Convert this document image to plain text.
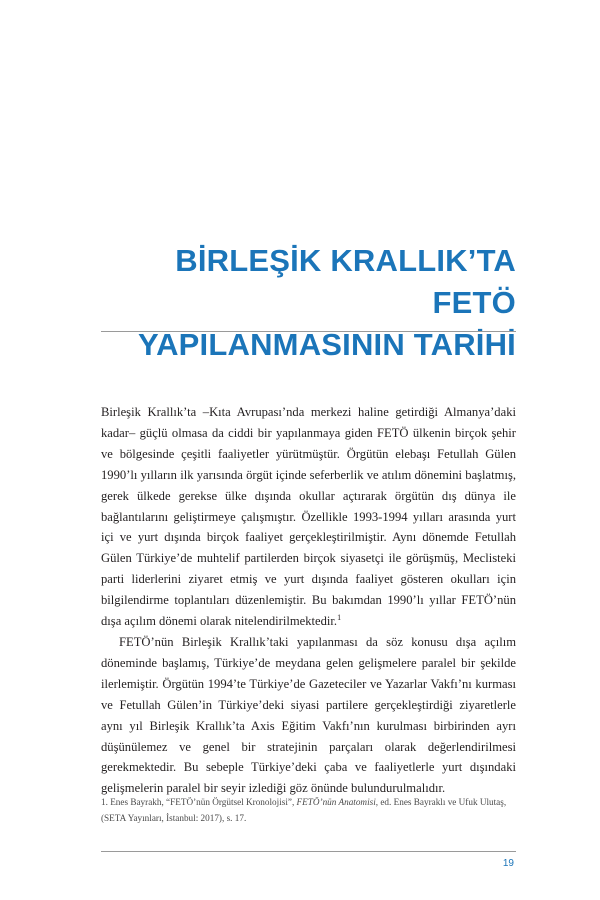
BİRLEŞİK KRALLIK’TA FETÖ
YAPILANMASININ TARİHİ

Birleşik Krallık’ta –Kıta Avrupası’nda merkezi haline getirdiği Almanya’daki kadar– güçlü olmasa da ciddi bir yapılanmaya giden FETÖ ülkenin birçok şehir ve bölgesinde çeşitli faaliyetler yürütmüştür. Örgütün elebaşı Fetullah Gülen 1990’lı yılların ilk yarısında örgüt içinde seferberlik ve atılım dönemini başlatmış, gerek ülkede gerekse ülke dışında okullar açtırarak örgütün dış dünya ile bağlantılarını geliştirmeye çalışmıştır. Özellikle 1993-1994 yılları arasında yurt içi ve yurt dışında birçok faaliyet gerçekleştirilmiştir. Aynı dönemde Fetullah Gülen Türkiye’de muhtelif partilerden birçok siyasetçi ile görüşmüş, Meclisteki parti liderlerini ziyaret etmiş ve yurt dışında faaliyet gösteren okulları için bilgilendirme toplantıları düzenlemiştir. Bu bakımdan 1990’lı yıllar FETÖ’nün dışa açılım dönemi olarak nitelendirilmektedir.$^1$

FETÖ’nün Birleşik Krallık’taki yapılanması da söz konusu dışa açılım döneminde başlamış, Türkiye’de meydana gelen gelişmelere paralel bir şekilde ilerlemiştir. Örgütün 1994’te Türkiye’de Gazeteciler ve Yazarlar Vakfı’nı kurması ve Fetullah Gülen’in Türkiye’deki siyasi partilere gerçekleştirdiği ziyaretlerle aynı yıl Birleşik Krallık’ta Axis Eğitim Vakfı’nın kurulması birbirinden ayrı düşünülemez ve genel bir stratejinin parçaları olarak değerlendirilmesi gerekmektedir. Bu sebeple Türkiye’deki çaba ve faaliyetlerle yurt dışındaki gelişmelerin paralel bir seyir izlediği göz önünde bulundurulmalıdır.

1. Enes Bayrakh, “FETÖ’nün Örgütsel Kronolojisi”, FETÖ’nün Anatomisi, ed. Enes Bayraklı ve Ufuk Ulutaş, (SETA Yayınları, İstanbul: 2017), s. 17.

19
